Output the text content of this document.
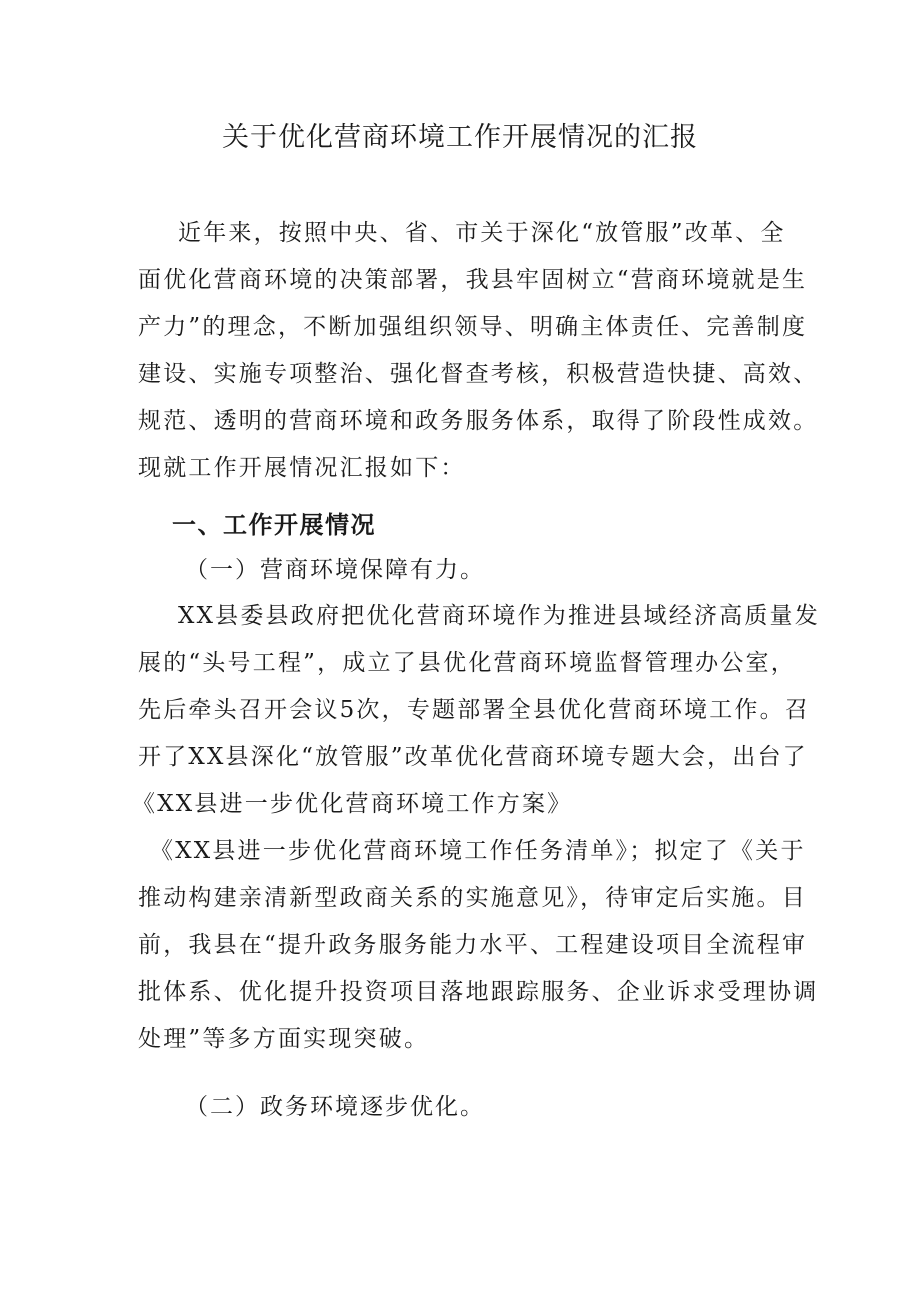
关于优化营商环境工作开展情况的汇报
近年来，按照中央、省、市关于深化“放管服”改革、全
面优化营商环境的决策部署，我县牢固树立“营商环境就是生
产力”的理念，不断加强组织领导、明确主体责任、完善制度
建设、实施专项整治、强化督查考核，积极营造快捷、高效、
规范、透明的营商环境和政务服务体系，取得了阶段性成效。
现就工作开展情况汇报如下：
一、工作开展情况
（一）营商环境保障有力。
XX县委县政府把优化营商环境作为推进县域经济高质量发
展的“头号工程”，成立了县优化营商环境监督管理办公室，
先后牵头召开会议5次，专题部署全县优化营商环境工作。召
开了XX县深化“放管服”改革优化营商环境专题大会，出台了
《XX县进一步优化营商环境工作方案》
《XX县进一步优化营商环境工作任务清单》；拟定了《关于
推动构建亲清新型政商关系的实施意见》，待审定后实施。目
前，我县在“提升政务服务能力水平、工程建设项目全流程审
批体系、优化提升投资项目落地跟踪服务、企业诉求受理协调
处理”等多方面实现突破。
（二）政务环境逐步优化。
